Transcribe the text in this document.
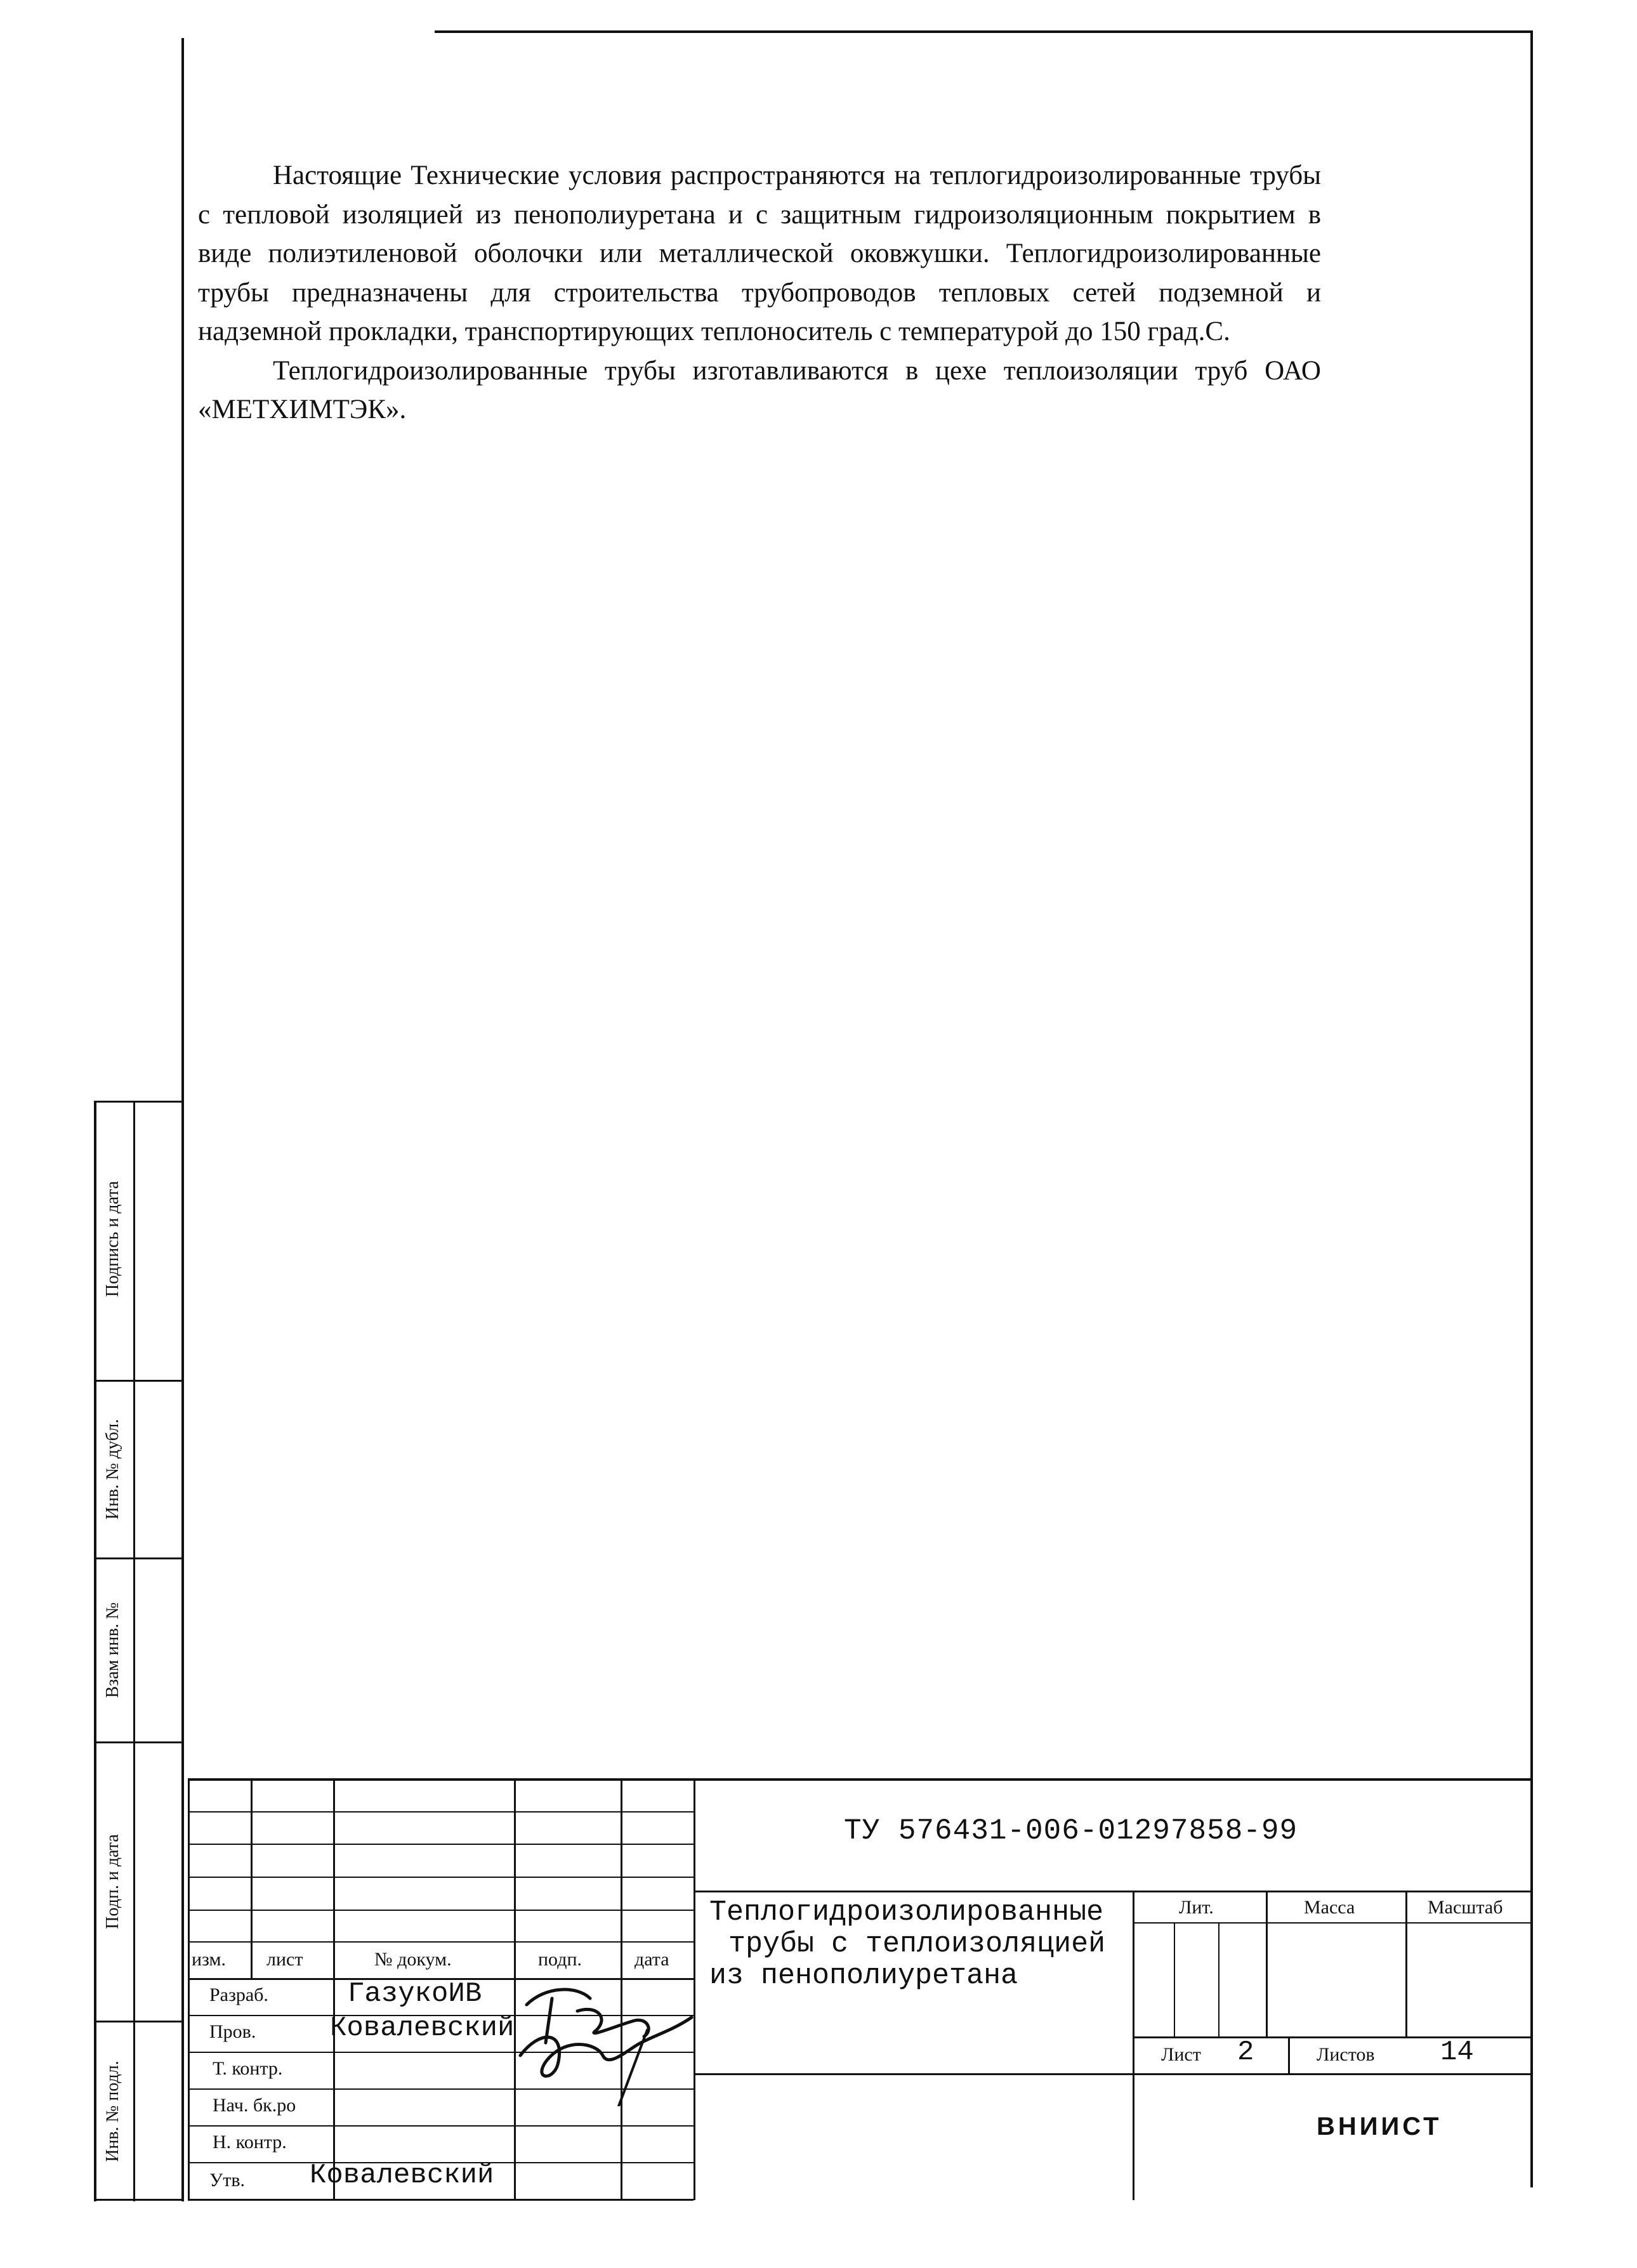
Настоящие Технические условия распространяются на теплогидроизолированные трубы с тепловой изоляцией из пенополиуретана и с защитным гидроизоляционным покрытием в виде полиэтиленовой оболочки или металлической оковжушки. Теплогидроизолированные трубы предназначены для строительства трубопроводов тепловых сетей подземной и надземной прокладки, транспортирующих теплоноситель с температурой до 150 град.С.

Теплогидроизолированные трубы изготавливаются в цехе теплоизоляции труб ОАО «МЕТХИМТЭК».

Подпись и дата
Инв. № дубл.
Взам инв. №
Подп. и дата
Инв. № подл.
изм.	лист	№ докум.	подп.	дата
Разраб.	ГазукоИВ
Пров.	Ковалевский
Т. контр.
Нач. бк.ро
Н. контр.
Утв. Ковалевский
ТУ 576431-006-01297858-99
Теплогидроизолированные
трубы с теплоизоляцией
из пенополиуретана
Лит.	Масса	Масштаб
Лист 2	Листов 14
ВНИИСТ
